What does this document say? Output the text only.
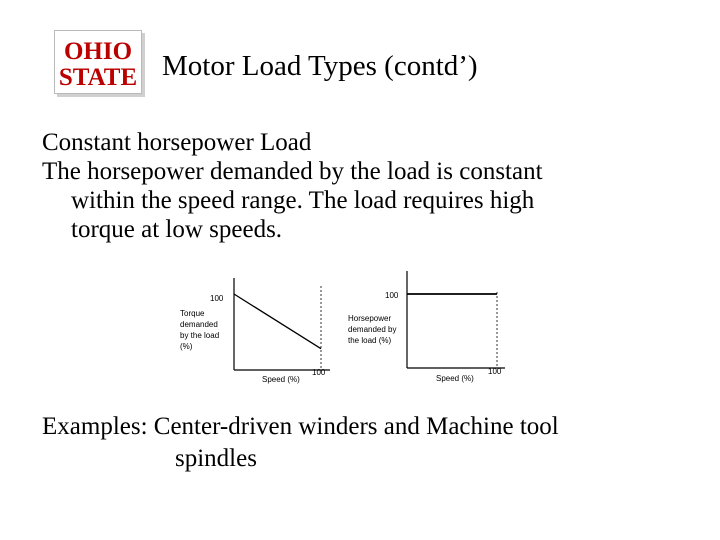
OHIO
STATE Motor Load Types (contd’)

Constant horsepower Load

The horsepower demanded by the load is constant

within the speed range. The load requires high

torque at low speeds.

100
100
Speed (%)
Torque
demanded
by the load
(%)
100
100
Speed (%)
Horsepower
demanded by
the load (%)
Examples: Center-driven winders and Machine tool
spindles
